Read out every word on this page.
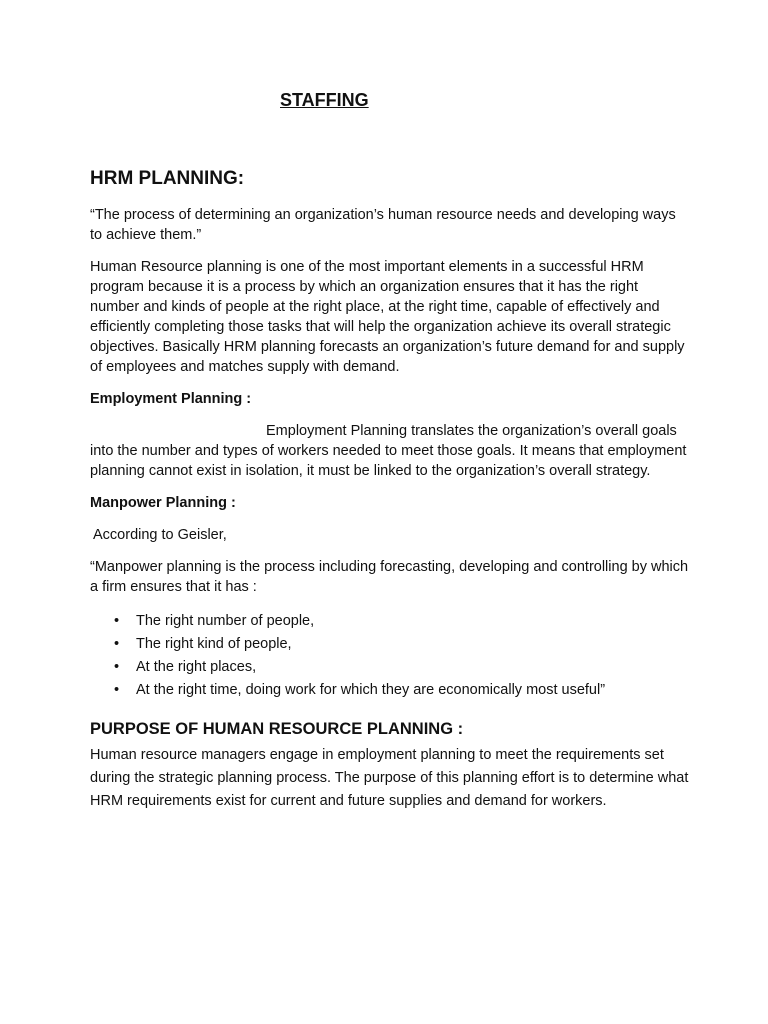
STAFFING
HRM PLANNING:

“The process of determining an organization’s human resource needs and developing ways to achieve them.”

Human Resource planning is one of the most important elements in a successful HRM program because it is a process by which an organization ensures that it has the right number and kinds of people at the right place, at the right time, capable of effectively and efficiently completing those tasks that will help the organization achieve its overall strategic objectives. Basically HRM planning forecasts an organization’s future demand for and supply of employees and matches supply with demand.

Employment Planning :

Employment Planning translates the organization’s overall goals into the number and types of workers needed to meet those goals. It means that employment planning cannot exist in isolation, it must be linked to the organization’s overall strategy.

Manpower Planning :

According to Geisler,

“Manpower planning is the process including forecasting, developing and controlling by which a firm ensures that it has :

• The right number of people,
• The right kind of people,
• At the right places,
• At the right time, doing work for which they are economically most useful”
PURPOSE OF HUMAN RESOURCE PLANNING :

Human resource managers engage in employment planning to meet the requirements set during the strategic planning process. The purpose of this planning effort is to determine what HRM requirements exist for current and future supplies and demand for workers.
